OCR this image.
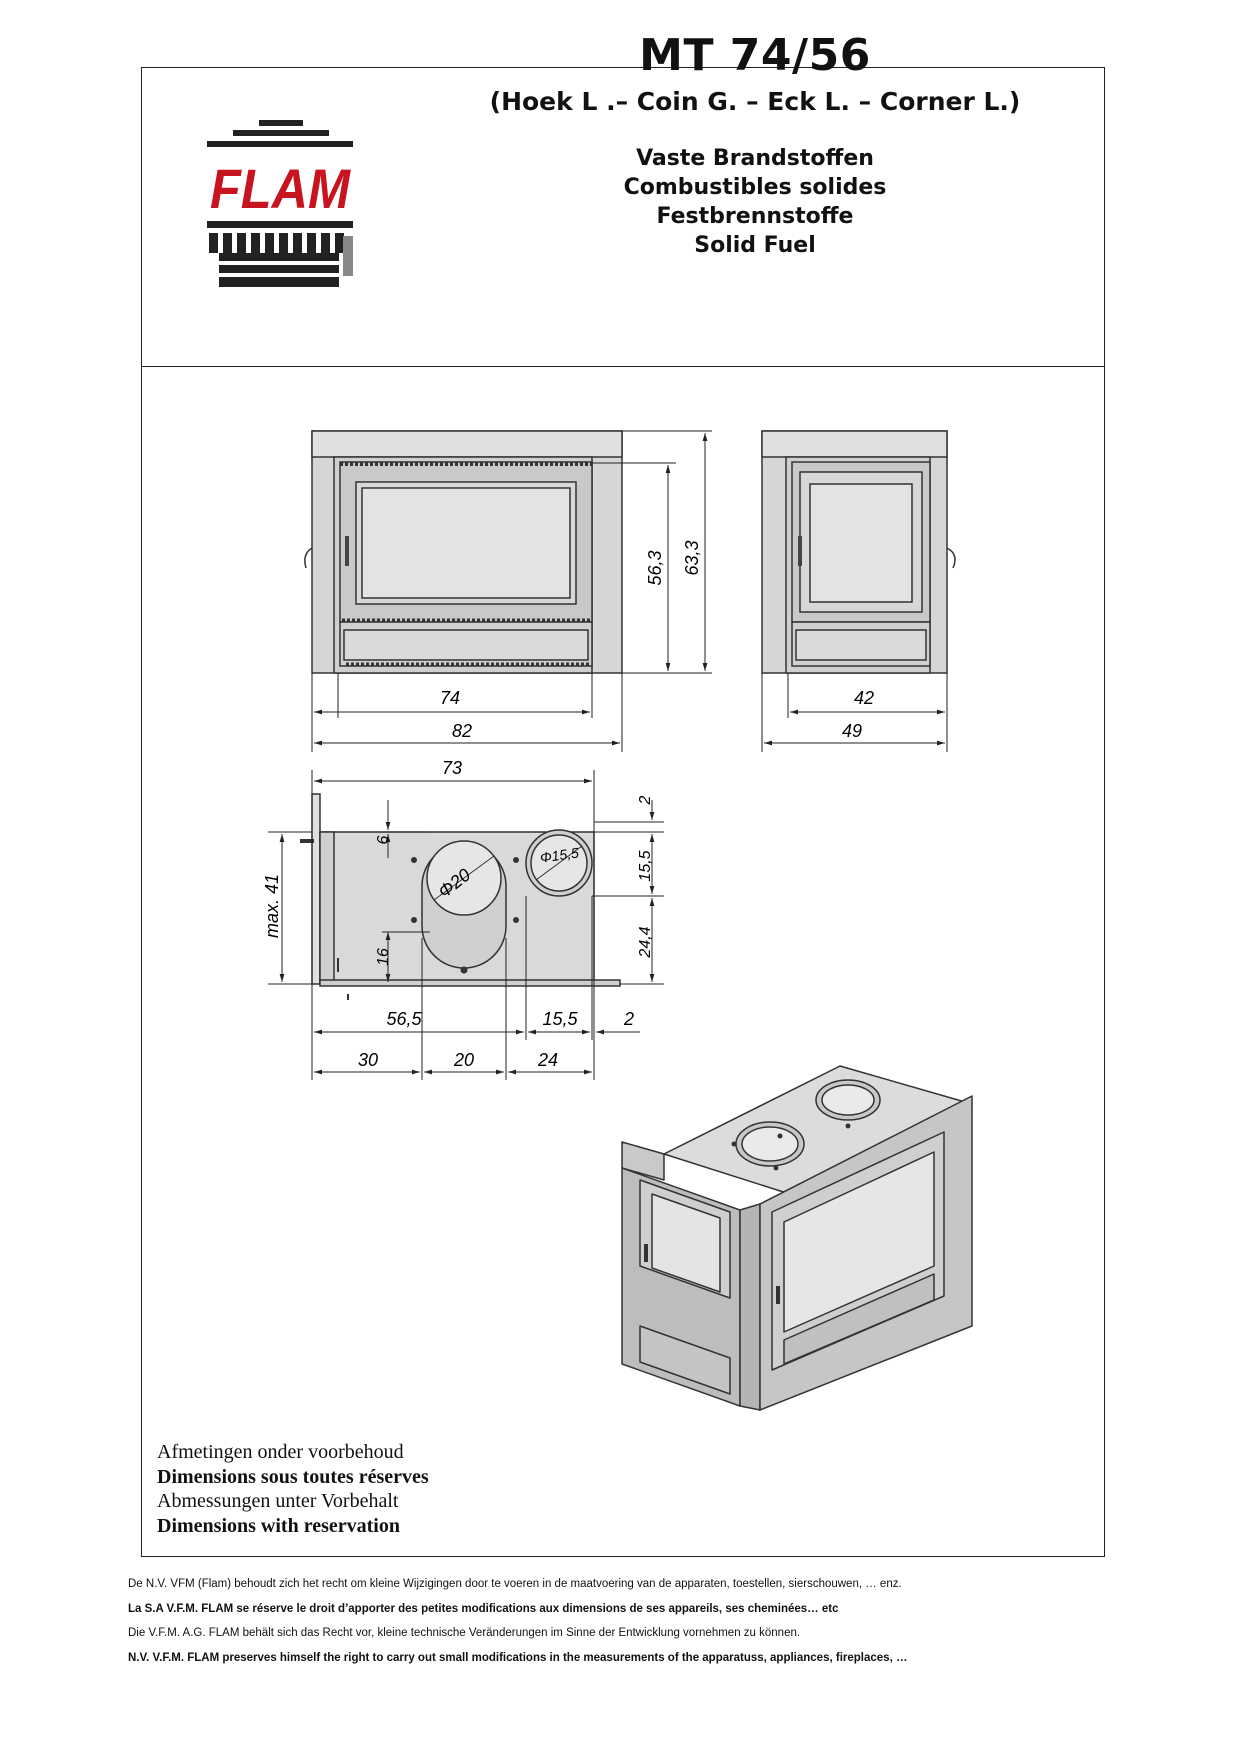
FLAM
MT 74/56
(Hoek L .– Coin G. – Eck L. – Corner L.)
Vaste Brandstoffen
Combustibles solides
Festbrennstoffe
Solid Fuel
74
82
56,3 63,3
42
49
73
Φ20
Φ15,5
max. 41
6
16
2
15,5
24,4
56,5	15,5	2
30	20	24
Afmetingen onder voorbehoud
Dimensions sous toutes réserves
Abmessungen unter Vorbehalt
Dimensions with reservation
De N.V. VFM (Flam) behoudt zich het recht om kleine Wijzigingen door te voeren in de maatvoering van de apparaten, toestellen, sierschouwen, … enz.
La S.A V.F.M. FLAM se réserve le droit d’apporter des petites modifications aux dimensions de ses appareils, ses cheminées… etc
Die V.F.M. A.G. FLAM behält sich das Recht vor, kleine technische Veränderungen im Sinne der Entwicklung vornehmen zu können.
N.V. V.F.M. FLAM preserves himself the right to carry out small modifications in the measurements of the apparatuss, appliances, fireplaces, …
